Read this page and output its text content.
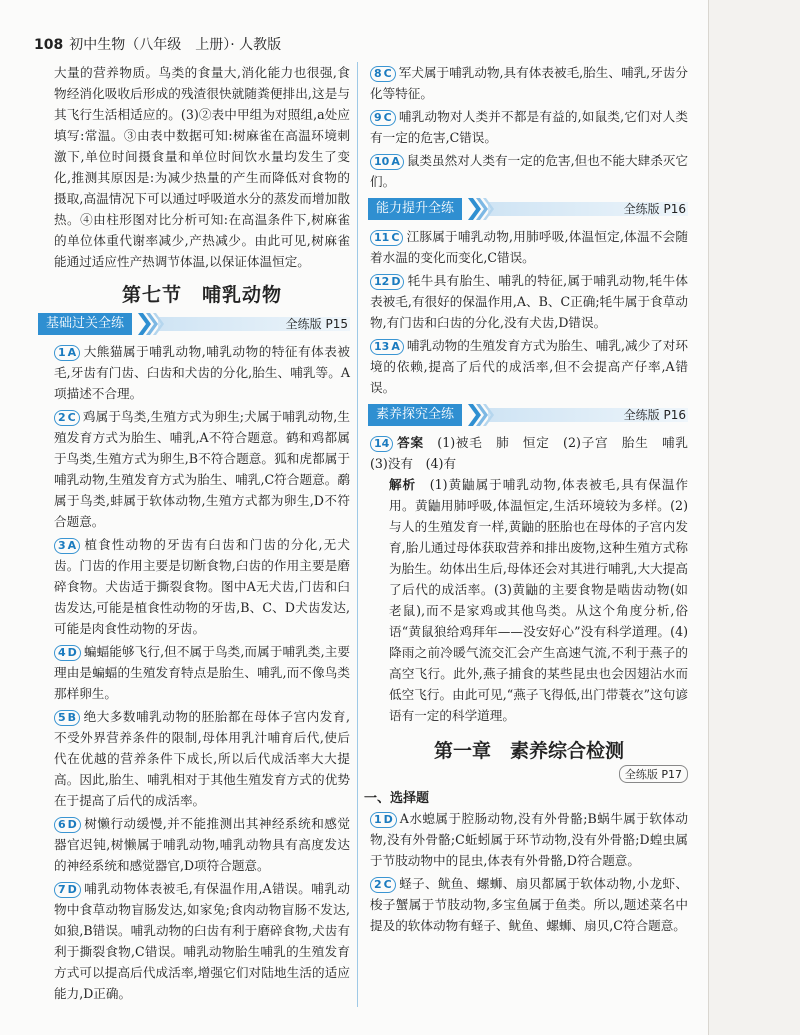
108 初中生物（八年级　上册）· 人教版

大量的营养物质。鸟类的食量大,消化能力也很强,食物经消化吸收后形成的残渣很快就随粪便排出,这是与其飞行生活相适应的。(3)②表中甲组为对照组,a处应填写:常温。③由表中数据可知:树麻雀在高温环境刺激下,单位时间摄食量和单位时间饮水量均发生了变化,推测其原因是:为减少热量的产生而降低对食物的摄取,高温情况下可以通过呼吸道水分的蒸发而增加散热。④由柱形图对比分析可知:在高温条件下,树麻雀的单位体重代谢率减少,产热减少。由此可见,树麻雀能通过适应性产热调节体温,以保证体温恒定。

第七节　哺乳动物
基础过关全练	全练版 P15

1 A 大熊猫属于哺乳动物,哺乳动物的特征有体表被毛,牙齿有门齿、臼齿和犬齿的分化,胎生、哺乳等。A项描述不合理。

2 C 鸡属于鸟类,生殖方式为卵生;犬属于哺乳动物,生殖发育方式为胎生、哺乳,A不符合题意。鹤和鸡都属于鸟类,生殖方式为卵生,B不符合题意。狐和虎都属于哺乳动物,生殖发育方式为胎生、哺乳,C符合题意。鹬属于鸟类,蚌属于软体动物,生殖方式都为卵生,D不符合题意。

3 A 植食性动物的牙齿有臼齿和门齿的分化,无犬齿。门齿的作用主要是切断食物,臼齿的作用主要是磨碎食物。犬齿适于撕裂食物。图中A无犬齿,门齿和臼齿发达,可能是植食性动物的牙齿,B、C、D犬齿发达,可能是肉食性动物的牙齿。

4 D 蝙蝠能够飞行,但不属于鸟类,而属于哺乳类,主要理由是蝙蝠的生殖发育特点是胎生、哺乳,而不像鸟类那样卵生。

5 B 绝大多数哺乳动物的胚胎都在母体子宫内发育,不受外界营养条件的限制,母体用乳汁哺育后代,使后代在优越的营养条件下成长,所以后代成活率大大提高。因此,胎生、哺乳相对于其他生殖发育方式的优势在于提高了后代的成活率。

6 D 树懒行动缓慢,并不能推测出其神经系统和感觉器官迟钝,树懒属于哺乳动物,哺乳动物具有高度发达的神经系统和感觉器官,D项符合题意。

7 D 哺乳动物体表被毛,有保温作用,A错误。哺乳动物中食草动物盲肠发达,如家兔;食肉动物盲肠不发达,如狼,B错误。哺乳动物的臼齿有利于磨碎食物,犬齿有利于撕裂食物,C错误。哺乳动物胎生哺乳的生殖发育方式可以提高后代成活率,增强它们对陆地生活的适应能力,D正确。

8 C 军犬属于哺乳动物,具有体表被毛,胎生、哺乳,牙齿分化等特征。

9 C 哺乳动物对人类并不都是有益的,如鼠类,它们对人类有一定的危害,C错误。

10 A 鼠类虽然对人类有一定的危害,但也不能大肆杀灭它们。

能力提升全练	全练版 P16

11 C 江豚属于哺乳动物,用肺呼吸,体温恒定,体温不会随着水温的变化而变化,C错误。

12 D 牦牛具有胎生、哺乳的特征,属于哺乳动物,牦牛体表被毛,有很好的保温作用,A、B、C正确;牦牛属于食草动物,有门齿和臼齿的分化,没有犬齿,D错误。

13 A 哺乳动物的生殖发育方式为胎生、哺乳,减少了对环境的依赖,提高了后代的成活率,但不会提高产仔率,A错误。

素养探究全练	全练版 P16

14 答案　 (1)被毛　肺　恒定　(2)子宫　胎生　哺乳　(3)没有　(4)有

解析　 (1)黄鼬属于哺乳动物,体表被毛,具有保温作用。黄鼬用肺呼吸,体温恒定,生活环境较为多样。(2)与人的生殖发育一样,黄鼬的胚胎也在母体的子宫内发育,胎儿通过母体获取营养和排出废物,这种生殖方式称为胎生。幼体出生后,母体还会对其进行哺乳,大大提高了后代的成活率。(3)黄鼬的主要食物是啮齿动物(如老鼠),而不是家鸡或其他鸟类。从这个角度分析,俗语“黄鼠狼给鸡拜年——没安好心”没有科学道理。(4)降雨之前冷暖气流交汇会产生高速气流,不利于燕子的高空飞行。此外,燕子捕食的某些昆虫也会因翅沾水而低空飞行。由此可见,“燕子飞得低,出门带蓑衣”这句谚语有一定的科学道理。

第一章　素养综合检测
全练版 P17
一、选择题

1 D A水螅属于腔肠动物,没有外骨骼;B蜗牛属于软体动物,没有外骨骼;C蚯蚓属于环节动物,没有外骨骼;D蝗虫属于节肢动物中的昆虫,体表有外骨骼,D符合题意。

2 C 蛏子、鱿鱼、螺蛳、扇贝都属于软体动物,小龙虾、梭子蟹属于节肢动物,多宝鱼属于鱼类。所以,题述菜名中提及的软体动物有蛏子、鱿鱼、螺蛳、扇贝,C符合题意。
